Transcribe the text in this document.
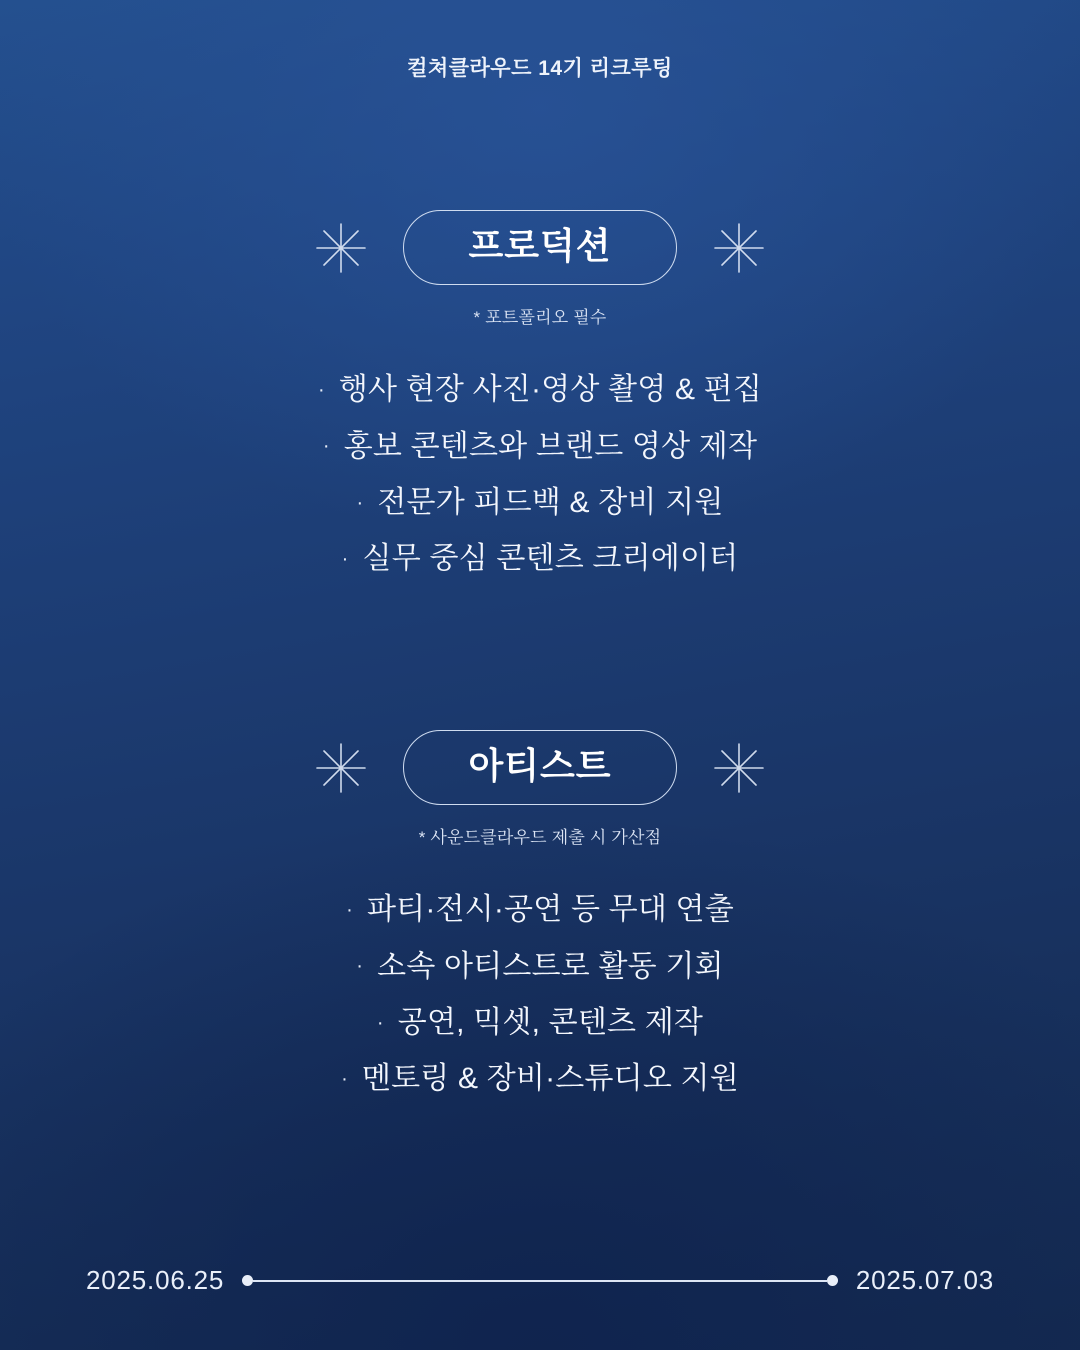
컬쳐클라우드 14기 리크루팅
프로덕션
* 포트폴리오 필수
· 행사 현장 사진·영상 촬영 & 편집
· 홍보 콘텐츠와 브랜드 영상 제작
· 전문가 피드백 & 장비 지원
· 실무 중심 콘텐츠 크리에이터
아티스트
* 사운드클라우드 제출 시 가산점
· 파티·전시·공연 등 무대 연출
· 소속 아티스트로 활동 기회
· 공연, 믹셋, 콘텐츠 제작
· 멘토링 & 장비·스튜디오 지원
2025.06.25	2025.07.03
